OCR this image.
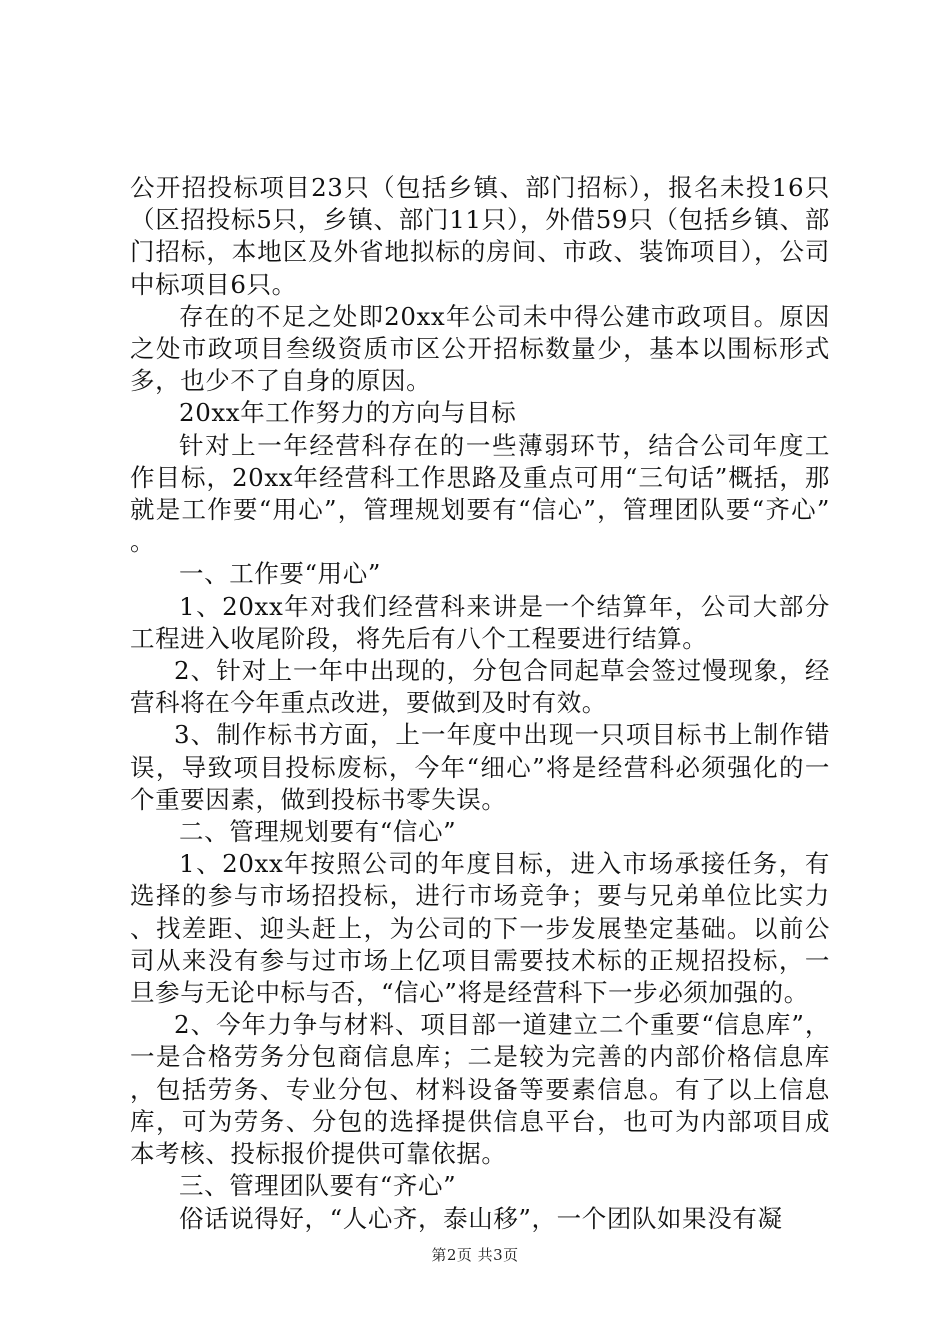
公开招投标项目23只（包括乡镇、部门招标），报名未投16只（区招投标5只，乡镇、部门11只），外借59只（包括乡镇、部门招标，本地区及外省地拟标的房间、市政、装饰项目），公司中标项目6只。

存在的不足之处即20xx年公司未中得公建市政项目。原因之处市政项目叁级资质市区公开招标数量少，基本以围标形式多，也少不了自身的原因。

20xx年工作努力的方向与目标

针对上一年经营科存在的一些薄弱环节，结合公司年度工作目标，20xx年经营科工作思路及重点可用“三句话”概括，那就是工作要“用心”，管理规划要有“信心”，管理团队要“齐心”。

一、工作要“用心”

1、20xx年对我们经营科来讲是一个结算年，公司大部分工程进入收尾阶段，将先后有八个工程要进行结算。

2、针对上一年中出现的，分包合同起草会签过慢现象，经营科将在今年重点改进，要做到及时有效。

3、制作标书方面，上一年度中出现一只项目标书上制作错误，导致项目投标废标，今年“细心”将是经营科必须强化的一个重要因素，做到投标书零失误。

二、管理规划要有“信心”

1、20xx年按照公司的年度目标，进入市场承接任务，有选择的参与市场招投标，进行市场竞争；要与兄弟单位比实力、找差距、迎头赶上，为公司的下一步发展垫定基础。以前公司从来没有参与过市场上亿项目需要技术标的正规招投标，一旦参与无论中标与否，“信心”将是经营科下一步必须加强的。

2、今年力争与材料、项目部一道建立二个重要“信息库”，一是合格劳务分包商信息库；二是较为完善的内部价格信息库，包括劳务、专业分包、材料设备等要素信息。有了以上信息库，可为劳务、分包的选择提供信息平台，也可为内部项目成本考核、投标报价提供可靠依据。

三、管理团队要有“齐心”

俗话说得好，“人心齐，泰山移”，一个团队如果没有凝

第2页 共3页
